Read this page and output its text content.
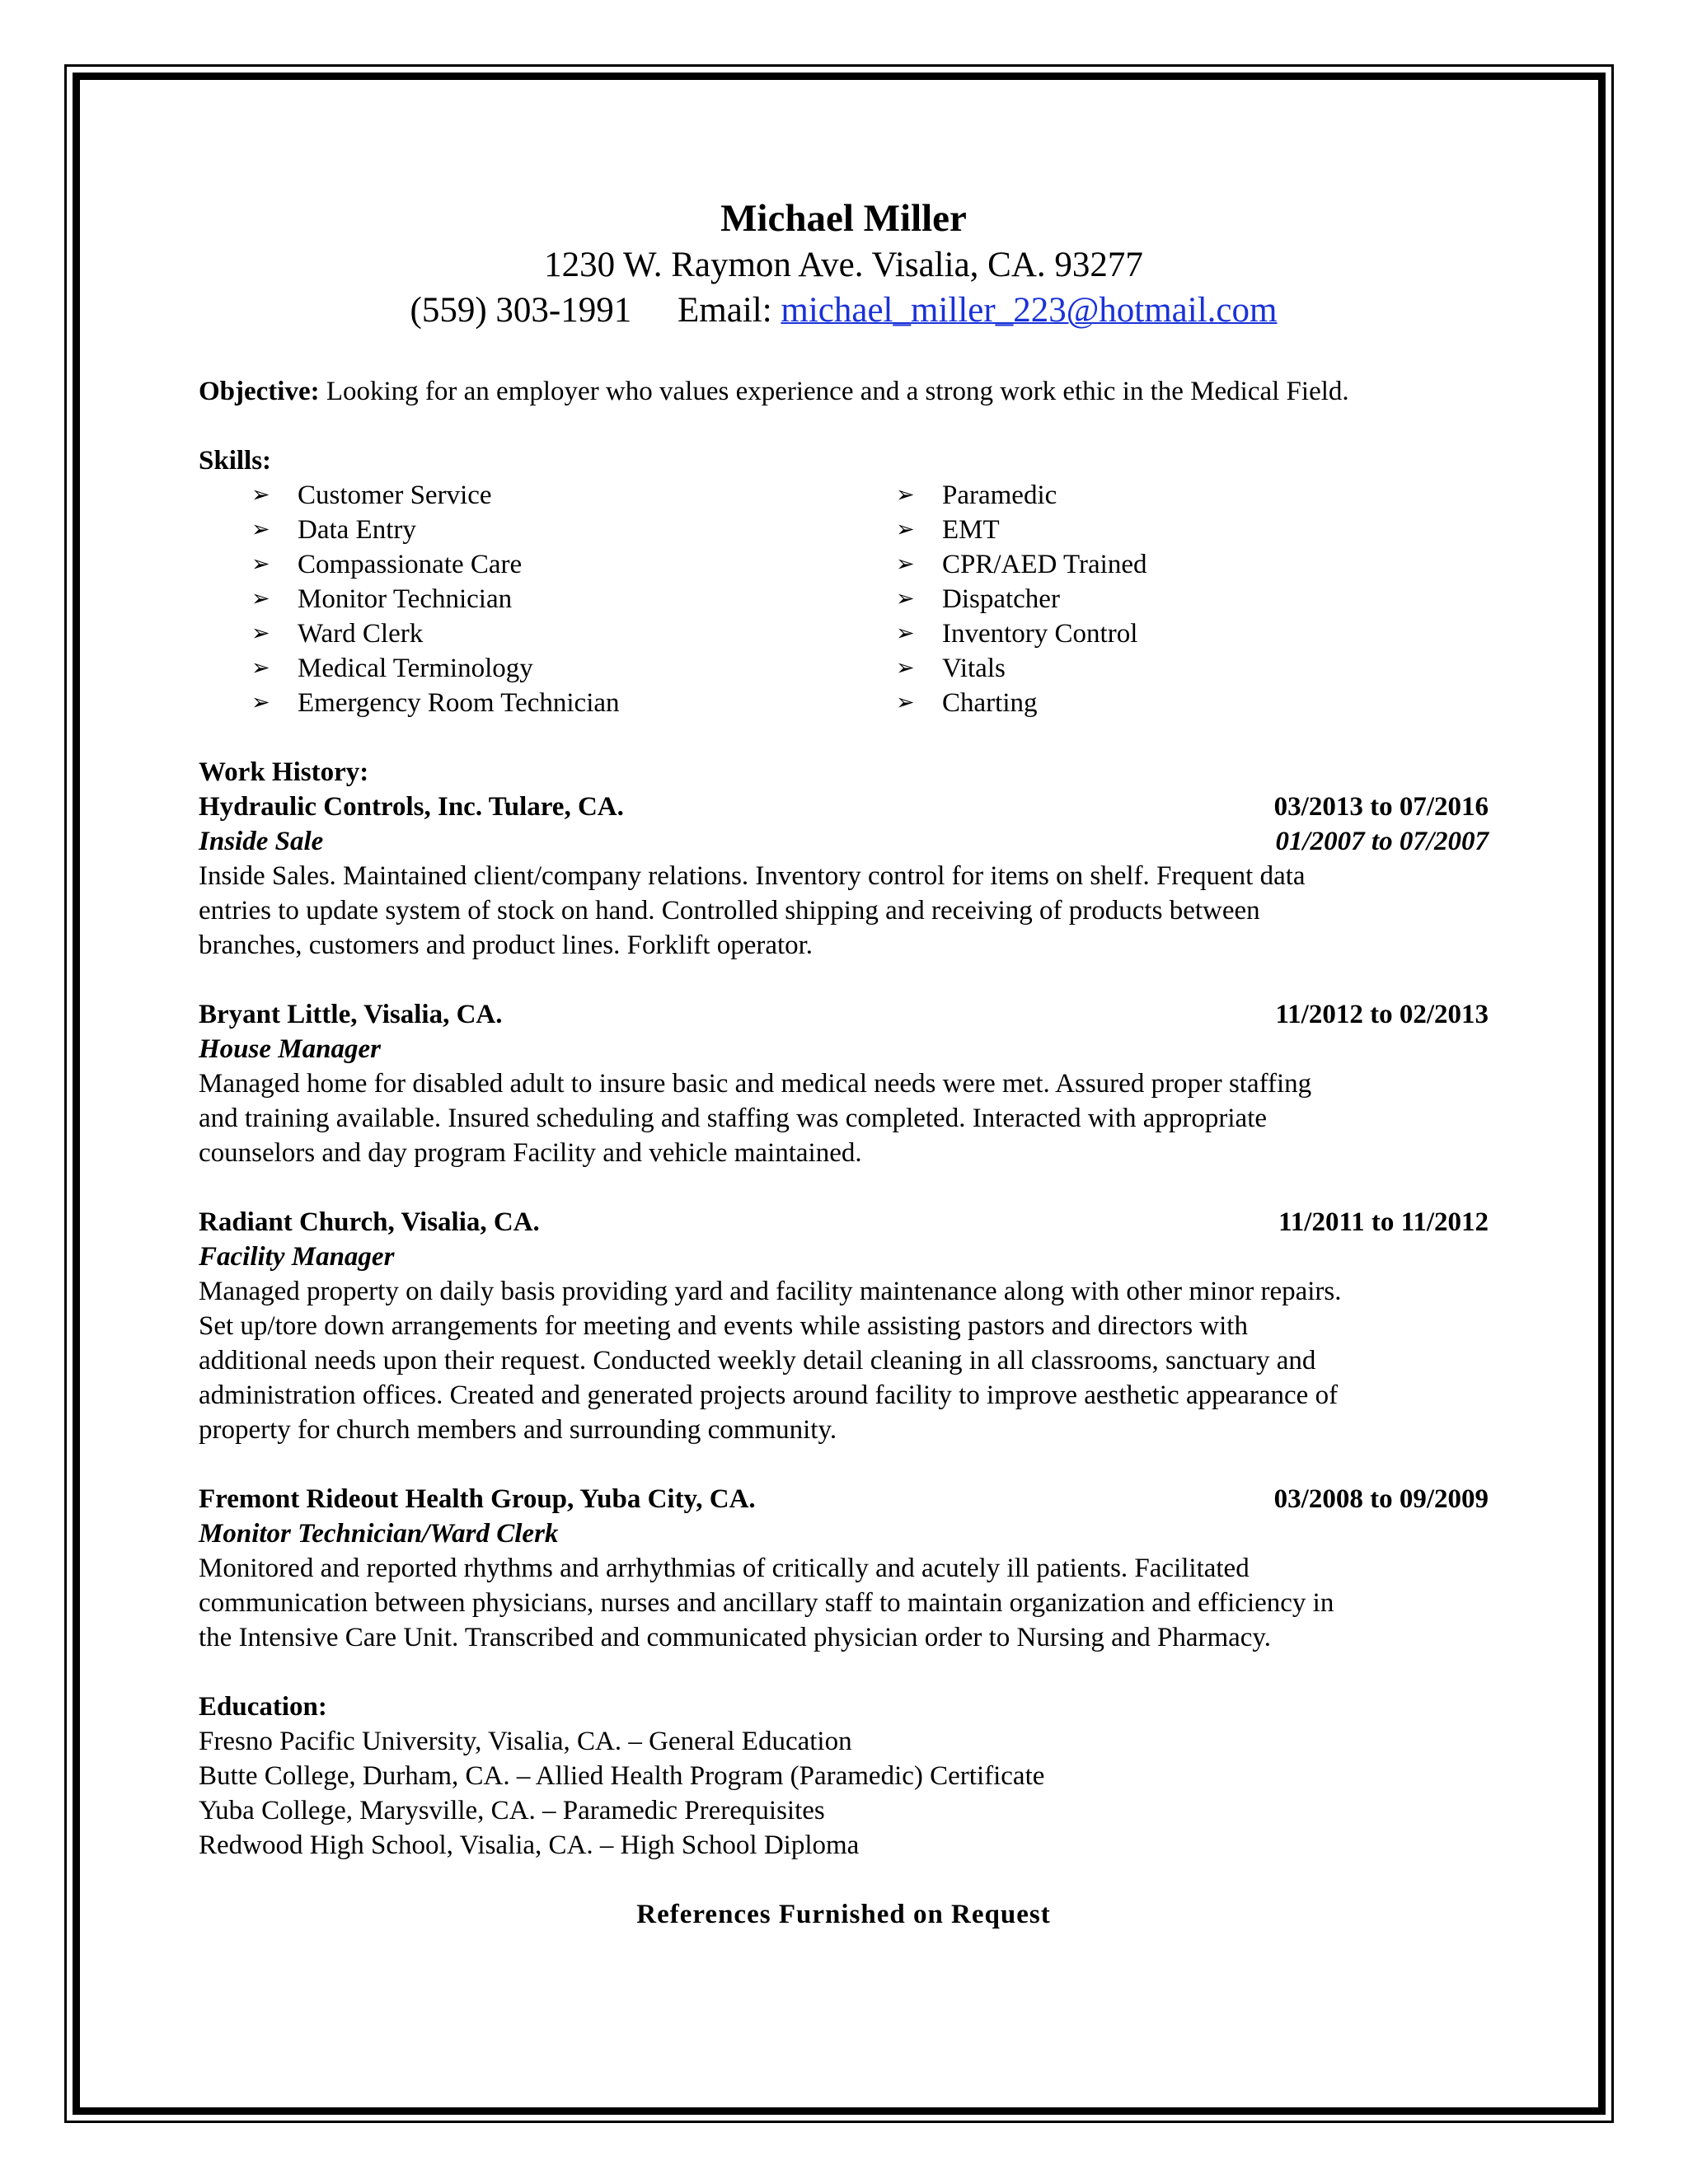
Michael Miller
1230 W. Raymon Ave. Visalia, CA. 93277
(559) 303-1991 Email: michael_miller_223@hotmail.com
Objective: Looking for an employer who values experience and a strong work ethic in the Medical Field.
Skills:
➢ Customer Service
➢ Data Entry
➢ Compassionate Care
➢ Monitor Technician
➢ Ward Clerk
➢ Medical Terminology
➢ Emergency Room Technician
➢ Paramedic
➢ EMT
➢ CPR/AED Trained
➢ Dispatcher
➢ Inventory Control
➢ Vitals
➢ Charting
Work History:
Hydraulic Controls, Inc. Tulare, CA.	03/2013 to 07/2016
Inside Sale	01/2007 to 07/2007
Inside Sales. Maintained client/company relations. Inventory control for items on shelf. Frequent data
entries to update system of stock on hand. Controlled shipping and receiving of products between
branches, customers and product lines. Forklift operator.
Bryant Little, Visalia, CA.	11/2012 to 02/2013
House Manager
Managed home for disabled adult to insure basic and medical needs were met. Assured proper staffing
and training available. Insured scheduling and staffing was completed. Interacted with appropriate
counselors and day program Facility and vehicle maintained.
Radiant Church, Visalia, CA.	11/2011 to 11/2012
Facility Manager
Managed property on daily basis providing yard and facility maintenance along with other minor repairs.
Set up/tore down arrangements for meeting and events while assisting pastors and directors with
additional needs upon their request. Conducted weekly detail cleaning in all classrooms, sanctuary and
administration offices. Created and generated projects around facility to improve aesthetic appearance of
property for church members and surrounding community.
Fremont Rideout Health Group, Yuba City, CA.	03/2008 to 09/2009
Monitor Technician/Ward Clerk
Monitored and reported rhythms and arrhythmias of critically and acutely ill patients. Facilitated
communication between physicians, nurses and ancillary staff to maintain organization and efficiency in
the Intensive Care Unit. Transcribed and communicated physician order to Nursing and Pharmacy.
Education:
Fresno Pacific University, Visalia, CA. – General Education
Butte College, Durham, CA. – Allied Health Program (Paramedic) Certificate
Yuba College, Marysville, CA. – Paramedic Prerequisites
Redwood High School, Visalia, CA. – High School Diploma
References Furnished on Request
